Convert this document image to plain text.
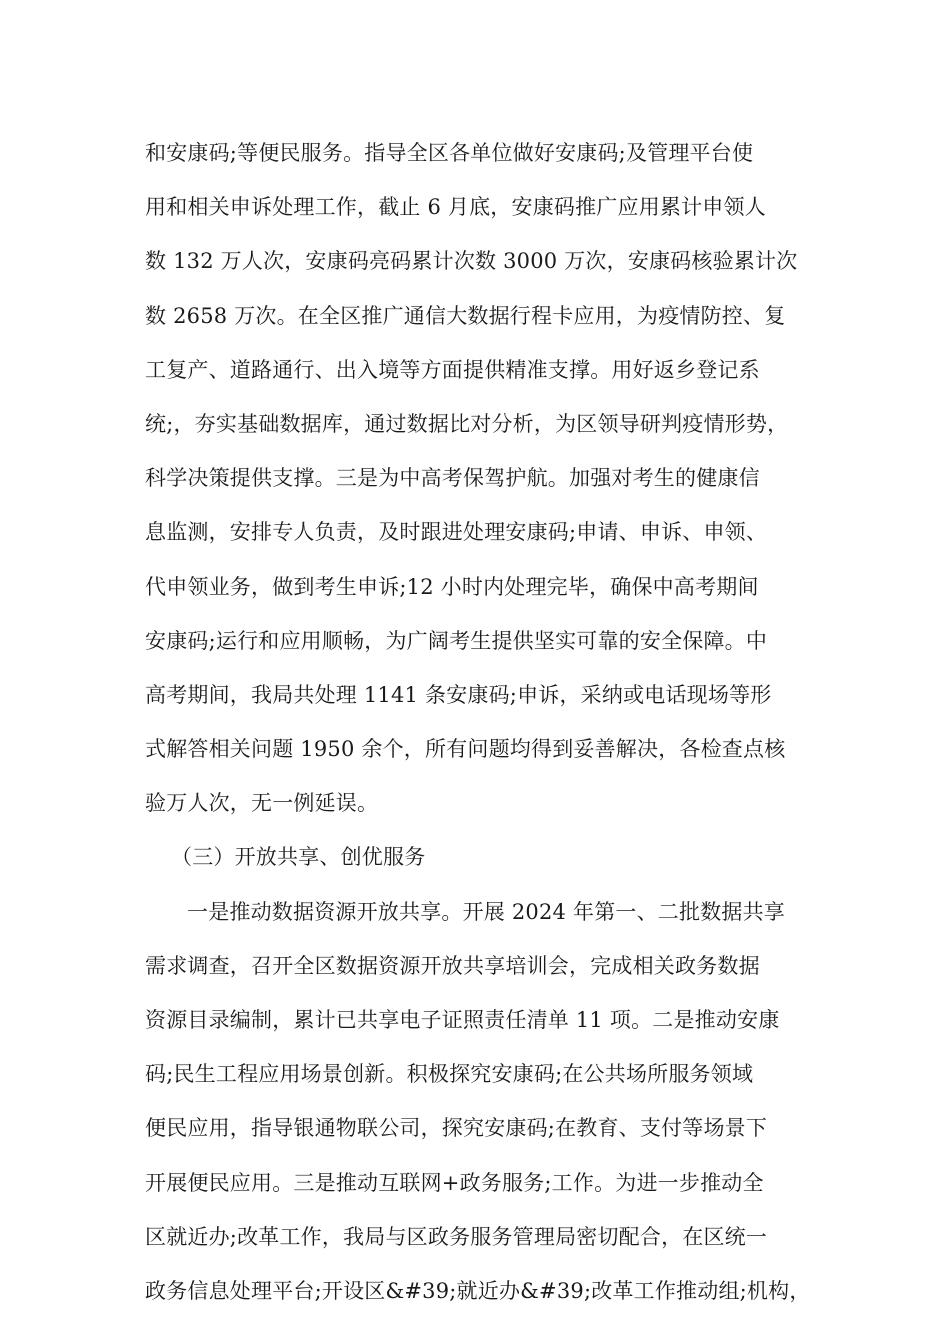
和安康码;等便民服务。指导全区各单位做好安康码;及管理平台使
用和相关申诉处理工作，截止 6 月底，安康码推广应用累计申领人
数 132 万人次，安康码亮码累计次数 3000 万次，安康码核验累计次
数 2658 万次。在全区推广通信大数据行程卡应用，为疫情防控、复
工复产、道路通行、出入境等方面提供精准支撑。用好返乡登记系
统;，夯实基础数据库，通过数据比对分析，为区领导研判疫情形势，
科学决策提供支撑。三是为中高考保驾护航。加强对考生的健康信
息监测，安排专人负责，及时跟进处理安康码;申请、申诉、申领、
代申领业务，做到考生申诉;12 小时内处理完毕，确保中高考期间
安康码;运行和应用顺畅，为广阔考生提供坚实可靠的安全保障。中
高考期间，我局共处理 1141 条安康码;申诉，采纳或电话现场等形
式解答相关问题 1950 余个，所有问题均得到妥善解决，各检查点核
验万人次，无一例延误。
（三）开放共享、创优服务
一是推动数据资源开放共享。开展 2024 年第一、二批数据共享
需求调查，召开全区数据资源开放共享培训会，完成相关政务数据
资源目录编制，累计已共享电子证照责任清单 11 项。二是推动安康
码;民生工程应用场景创新。积极探究安康码;在公共场所服务领域
便民应用，指导银通物联公司，探究安康码;在教育、支付等场景下
开展便民应用。三是推动互联网+政务服务;工作。为进一步推动全
区就近办;改革工作，我局与区政务服务管理局密切配合，在区统一
政务信息处理平台;开设区&#39;就近办&#39;改革工作推动组;机构，
